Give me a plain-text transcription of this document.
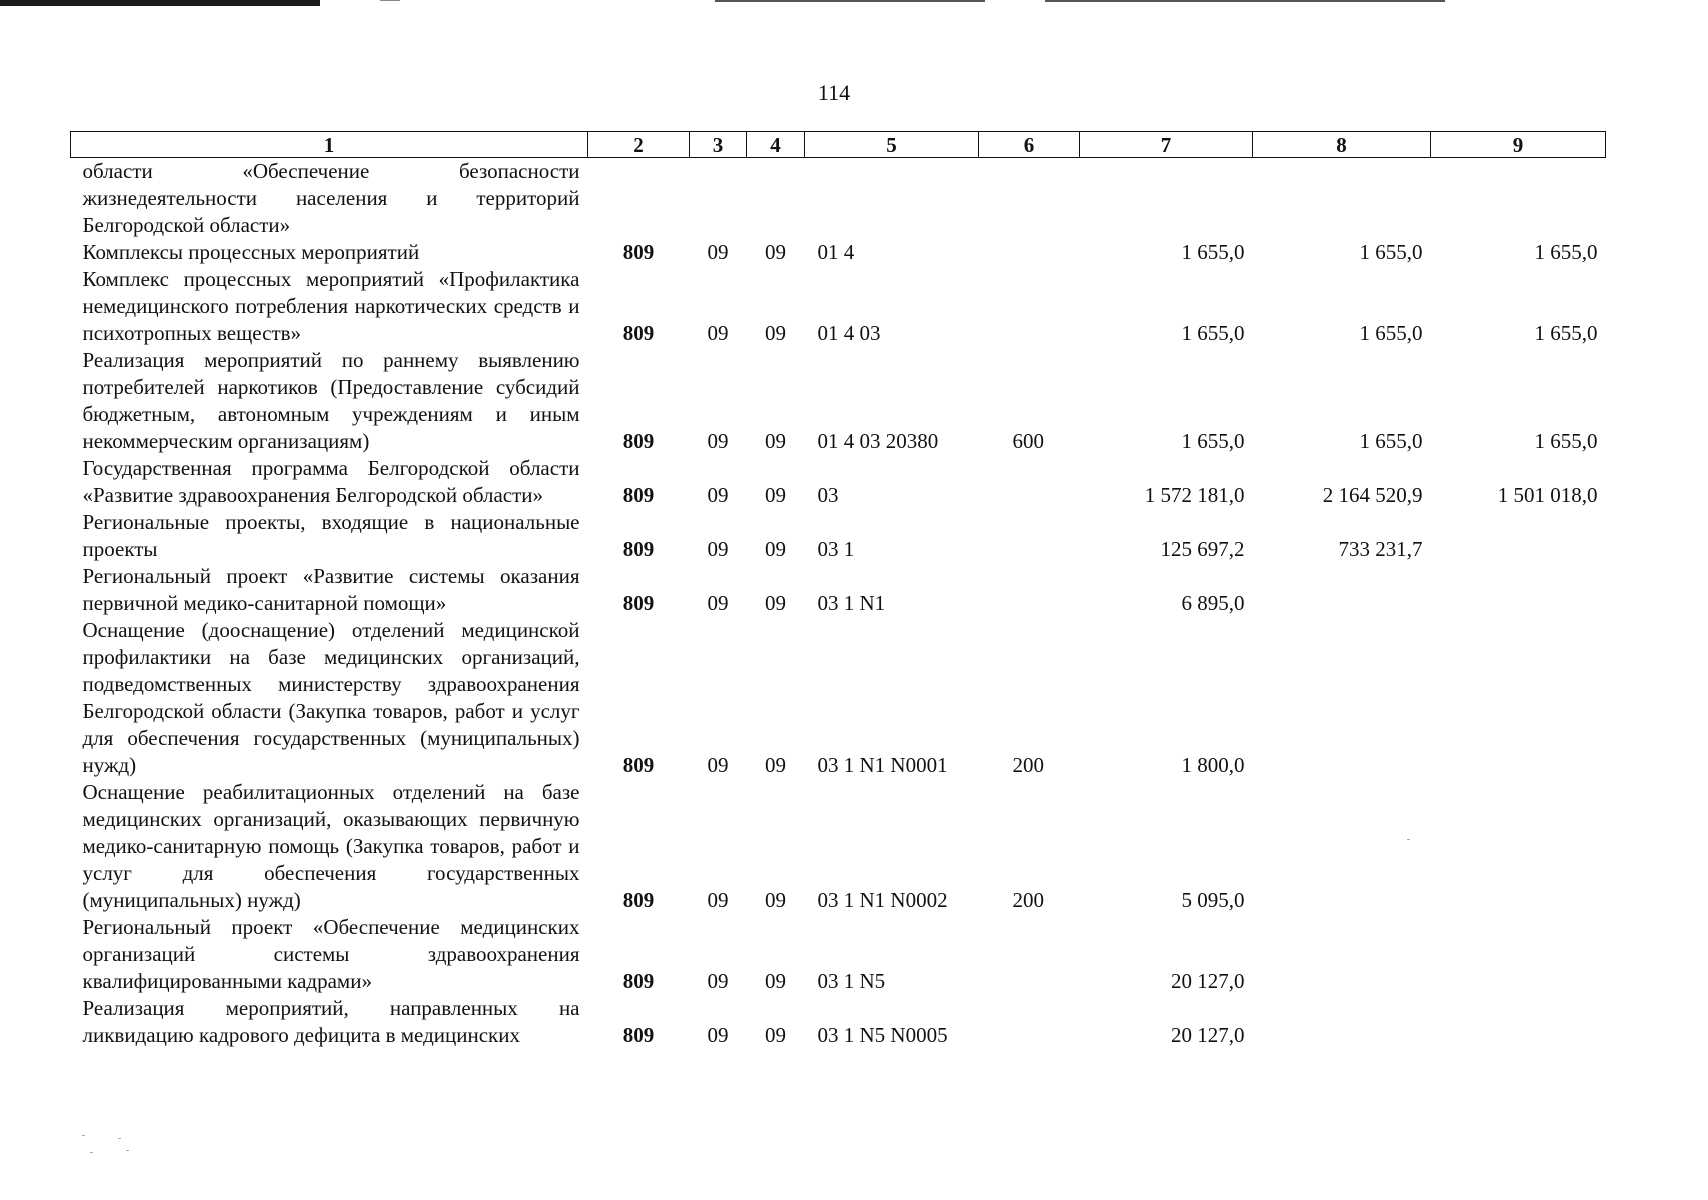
114
1	2	3	4	5	6	7	8	9
области «Обеспечение безопасности жизнедеятельности населения и территорий Белгородской области»								
Комплексы процессных мероприятий	809	09	09	01 4		1 655,0	1 655,0	1 655,0
Комплекс процессных мероприятий «Профилактика немедицинского потребления наркотических средств и психотропных веществ»	809	09	09	01 4 03		1 655,0	1 655,0	1 655,0
Реализация мероприятий по раннему выявлению потребителей наркотиков (Предоставление субсидий бюджетным, автономным учреждениям и иным некоммерческим организациям)	809	09	09	01 4 03 20380	600	1 655,0	1 655,0	1 655,0
Государственная программа Белгородской области «Развитие здравоохранения Белгородской области»	809	09	09	03		1 572 181,0	2 164 520,9	1 501 018,0
Региональные проекты, входящие в национальные проекты	809	09	09	03 1		125 697,2	733 231,7	
Региональный проект «Развитие системы оказания первичной медико-санитарной помощи»	809	09	09	03 1 N1		6 895,0		
Оснащение (дооснащение) отделений медицинской профилактики на базе медицинских организаций, подведомственных министерству здравоохранения Белгородской области (Закупка товаров, работ и услуг для обеспечения государственных (муниципальных) нужд)	809	09	09	03 1 N1 N0001	200	1 800,0		
Оснащение реабилитационных отделений на базе медицинских организаций, оказывающих первичную медико-санитарную помощь (Закупка товаров, работ и услуг для обеспечения государственных (муниципальных) нужд)	809	09	09	03 1 N1 N0002	200	5 095,0		
Региональный проект «Обеспечение медицинских организаций системы здравоохранения квалифицированными кадрами»	809	09	09	03 1 N5		20 127,0		
Реализация мероприятий, направленных на ликвидацию кадрового дефицита в медицинских	809	09	09	03 1 N5 N0005		20 127,0		
